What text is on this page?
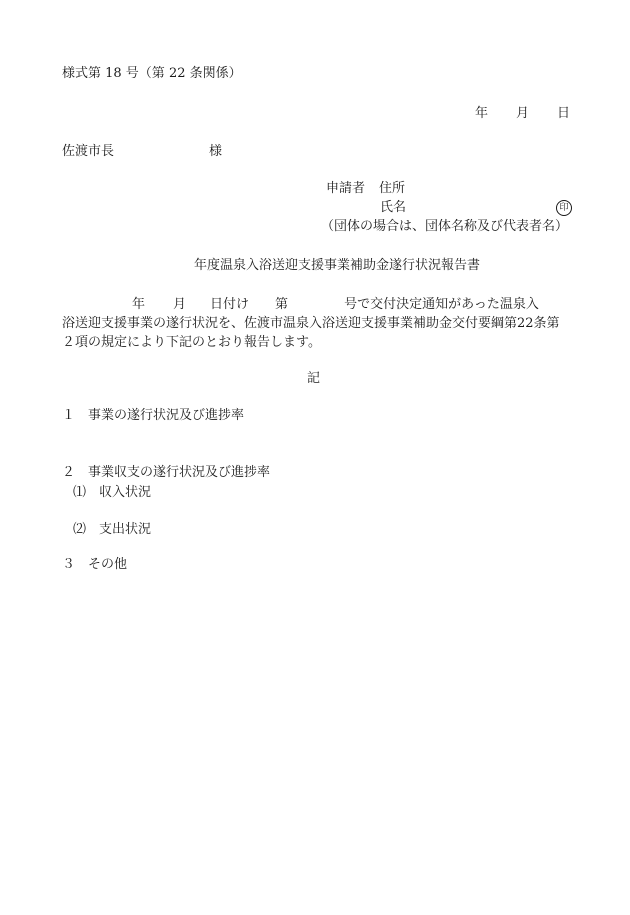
様式第 18 号（第 22 条関係）
年 月 日
佐渡市長	様
申請者 住所
氏名	印
（団体の場合は、団体名称及び代表者名）
年度温泉入浴送迎支援事業補助金遂行状況報告書
年 月 日付け 第	号で交付決定通知があった温泉入
浴送迎支援事業の遂行状況を、佐渡市温泉入浴送迎支援事業補助金交付要綱第22条第
２項の規定により下記のとおり報告します。
記
１　事業の遂行状況及び進捗率
２　事業収支の遂行状況及び進捗率
⑴　収入状況
⑵　支出状況
３　その他
